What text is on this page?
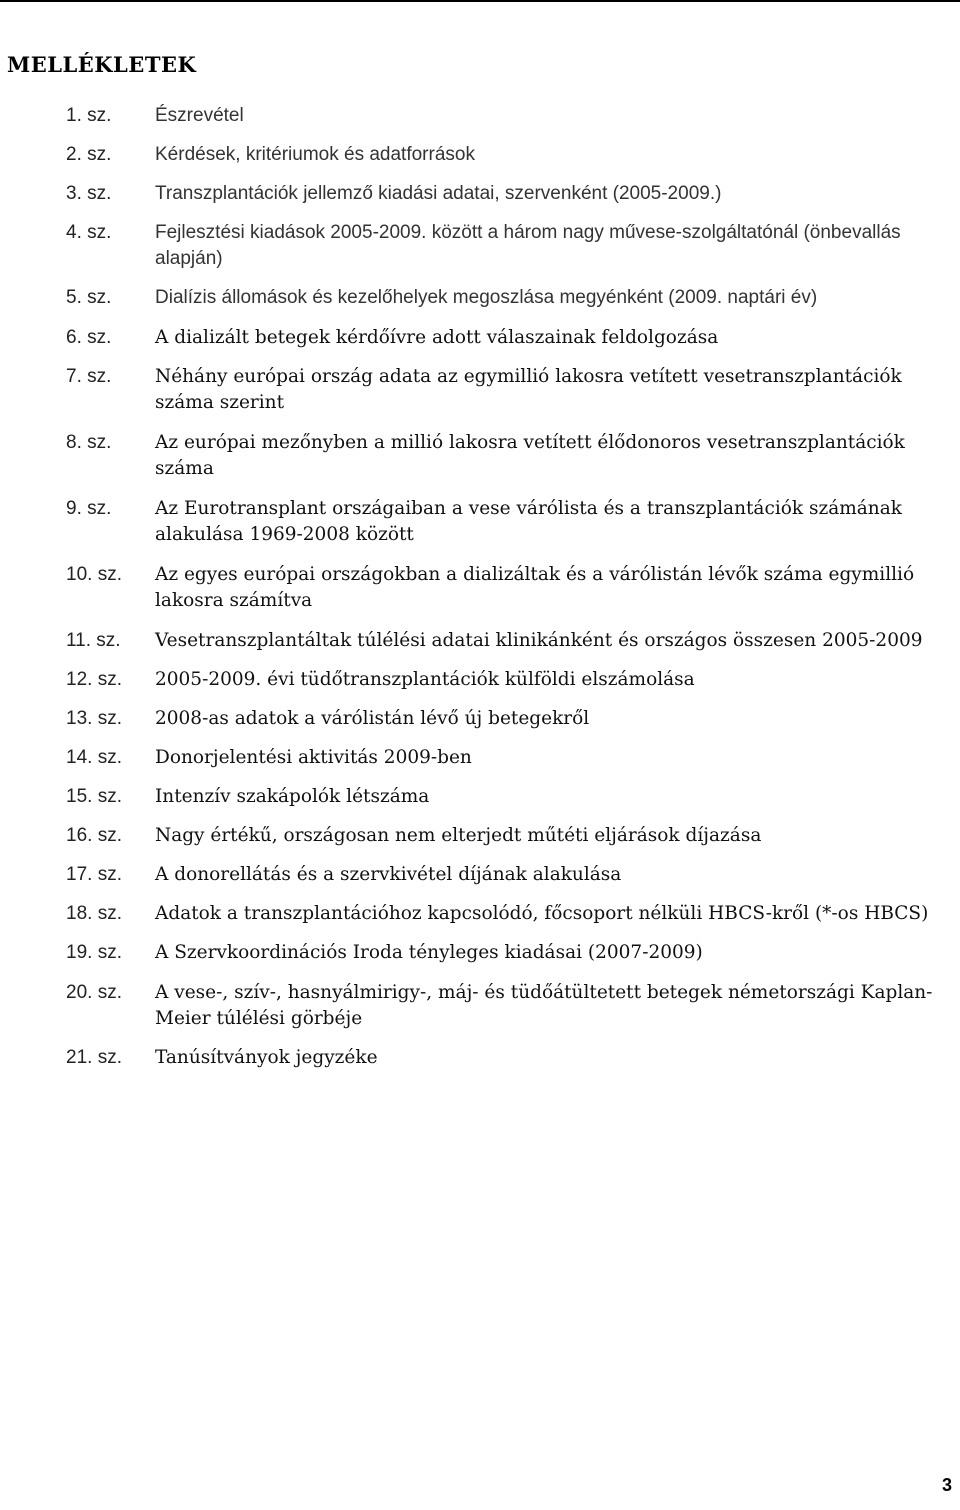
MELLÉKLETEK
1. sz.	Észrevétel
2. sz.	Kérdések, kritériumok és adatforrások
3. sz.	Transzplantációk jellemző kiadási adatai, szervenként (2005-2009.)
4. sz.	Fejlesztési kiadások 2005-2009. között a három nagy művese-szolgáltatónál (önbevallás alapján)
5. sz.	Dialízis állomások és kezelőhelyek megoszlása megyénként (2009. naptári év)
6. sz.	A dializált betegek kérdőívre adott válaszainak feldolgozása
7. sz.	Néhány európai ország adata az egymillió lakosra vetített vesetranszplantációk száma szerint
8. sz.	Az európai mezőnyben a millió lakosra vetített élődonoros vesetranszplantációk száma
9. sz.	Az Eurotransplant országaiban a vese várólista és a transzplantációk számának alakulása 1969-2008 között
10. sz.	Az egyes európai országokban a dializáltak és a várólistán lévők száma egymillió lakosra számítva
11. sz.	Vesetranszplantáltak túlélési adatai klinikánként és országos összesen 2005-2009
12. sz.	2005-2009. évi tüdőtranszplantációk külföldi elszámolása
13. sz.	2008-as adatok a várólistán lévő új betegekről
14. sz.	Donorjelentési aktivitás 2009-ben
15. sz.	Intenzív szakápolók létszáma
16. sz.	Nagy értékű, országosan nem elterjedt műtéti eljárások díjazása
17. sz.	A donorellátás és a szervkivétel díjának alakulása
18. sz.	Adatok a transzplantációhoz kapcsolódó, főcsoport nélküli HBCS-kről (*-os HBCS)
19. sz.	A Szervkoordinációs Iroda tényleges kiadásai (2007-2009)
20. sz.	A vese-, szív-, hasnyálmirigy-, máj- és tüdőátültetett betegek németországi Kaplan-Meier túlélési görbéje
21. sz.	Tanúsítványok jegyzéke
3
